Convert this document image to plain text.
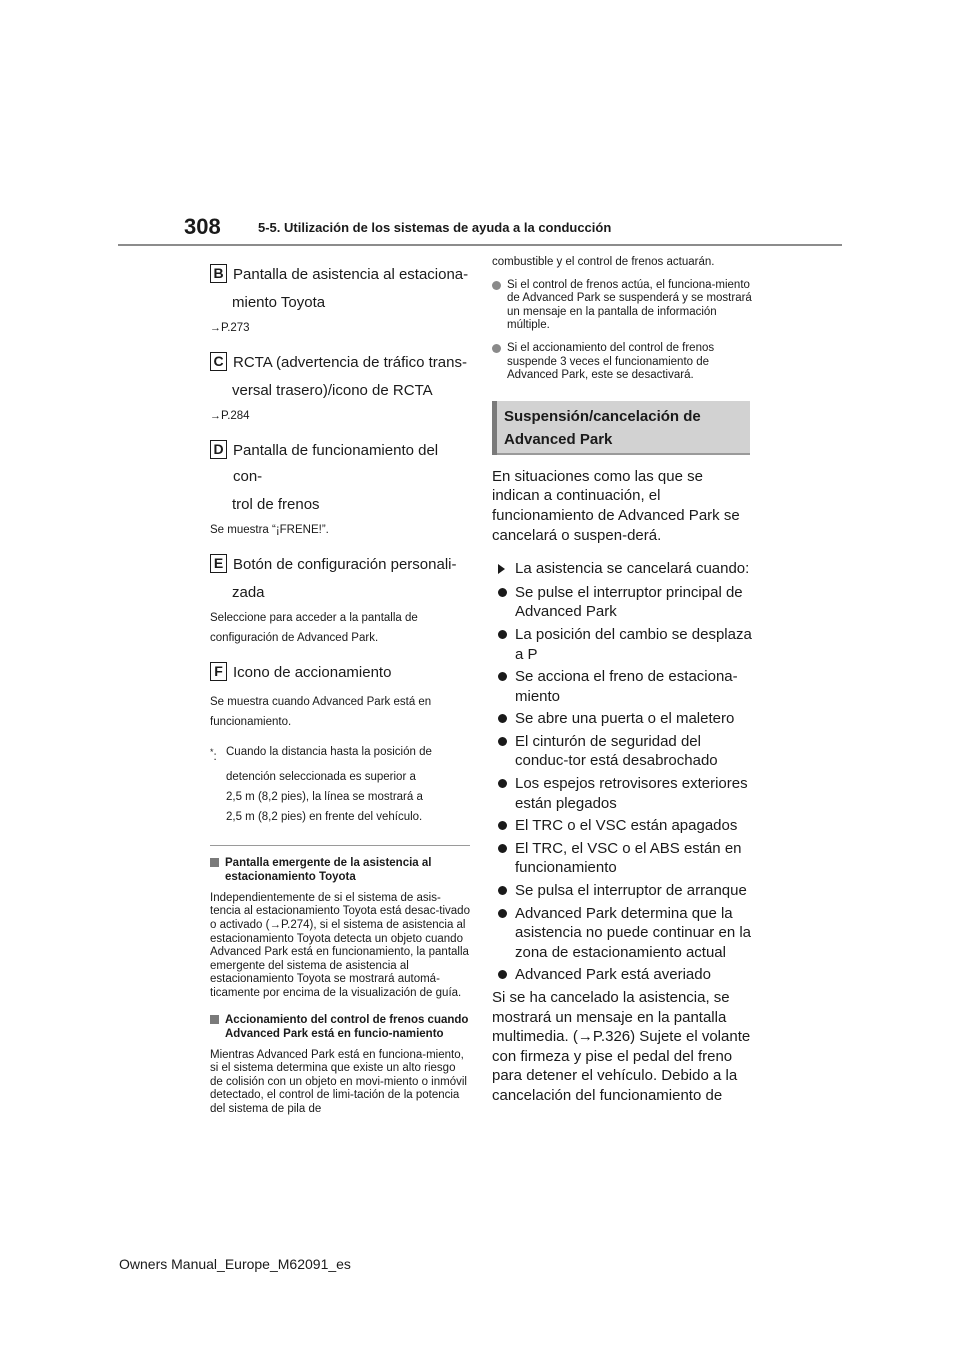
308	5-5. Utilización de los sistemas de ayuda a la conducción
B Pantalla de asistencia al estaciona-
miento Toyota
→P.273
C RCTA (advertencia de tráfico trans-
versal trasero)/icono de RCTA
→P.284
D Pantalla de funcionamiento del con-
trol de frenos
Se muestra “¡FRENE!”.
E Botón de configuración personali-
zada
Seleccione para acceder a la pantalla de
configuración de Advanced Park.
F Icono de accionamiento
Se muestra cuando Advanced Park está en
funcionamiento.
*: Cuando la distancia hasta la posición de
detención seleccionada es superior a
2,5 m (8,2 pies), la línea se mostrará a
2,5 m (8,2 pies) en frente del vehículo.
Pantalla emergente de la asistencia al estacionamiento Toyota
Independientemente de si el sistema de asis-tencia al estacionamiento Toyota está desac-tivado o activado (→P.274), si el sistema de asistencia al estacionamiento Toyota detecta un objeto cuando Advanced Park está en funcionamiento, la pantalla emergente del sistema de asistencia al estacionamiento Toyota se mostrará automá-ticamente por encima de la visualización de guía.
Accionamiento del control de frenos cuando Advanced Park está en funcio-namiento
Mientras Advanced Park está en funciona-miento, si el sistema determina que existe un alto riesgo de colisión con un objeto en movi-miento o inmóvil detectado, el control de limi-tación de la potencia del sistema de pila de
combustible y el control de frenos actuarán.
Si el control de frenos actúa, el funciona-miento de Advanced Park se suspenderá y se mostrará un mensaje en la pantalla de información múltiple.
Si el accionamiento del control de frenos suspende 3 veces el funcionamiento de Advanced Park, este se desactivará.
Suspensión/cancelación de
Advanced Park
En situaciones como las que se indican a continuación, el funcionamiento de Advanced Park se cancelará o suspen-derá.
La asistencia se cancelará cuando:
Se pulse el interruptor principal de Advanced Park
La posición del cambio se desplaza a P
Se acciona el freno de estaciona-miento
Se abre una puerta o el maletero
El cinturón de seguridad del conduc-tor está desabrochado
Los espejos retrovisores exteriores están plegados
El TRC o el VSC están apagados
El TRC, el VSC o el ABS están en funcionamiento
Se pulsa el interruptor de arranque
Advanced Park determina que la asistencia no puede continuar en la zona de estacionamiento actual
Advanced Park está averiado
Si se ha cancelado la asistencia, se mostrará un mensaje en la pantalla multimedia. (→P.326) Sujete el volante con firmeza y pise el pedal del freno para detener el vehículo. Debido a la cancelación del funcionamiento de
Owners Manual_Europe_M62091_es
